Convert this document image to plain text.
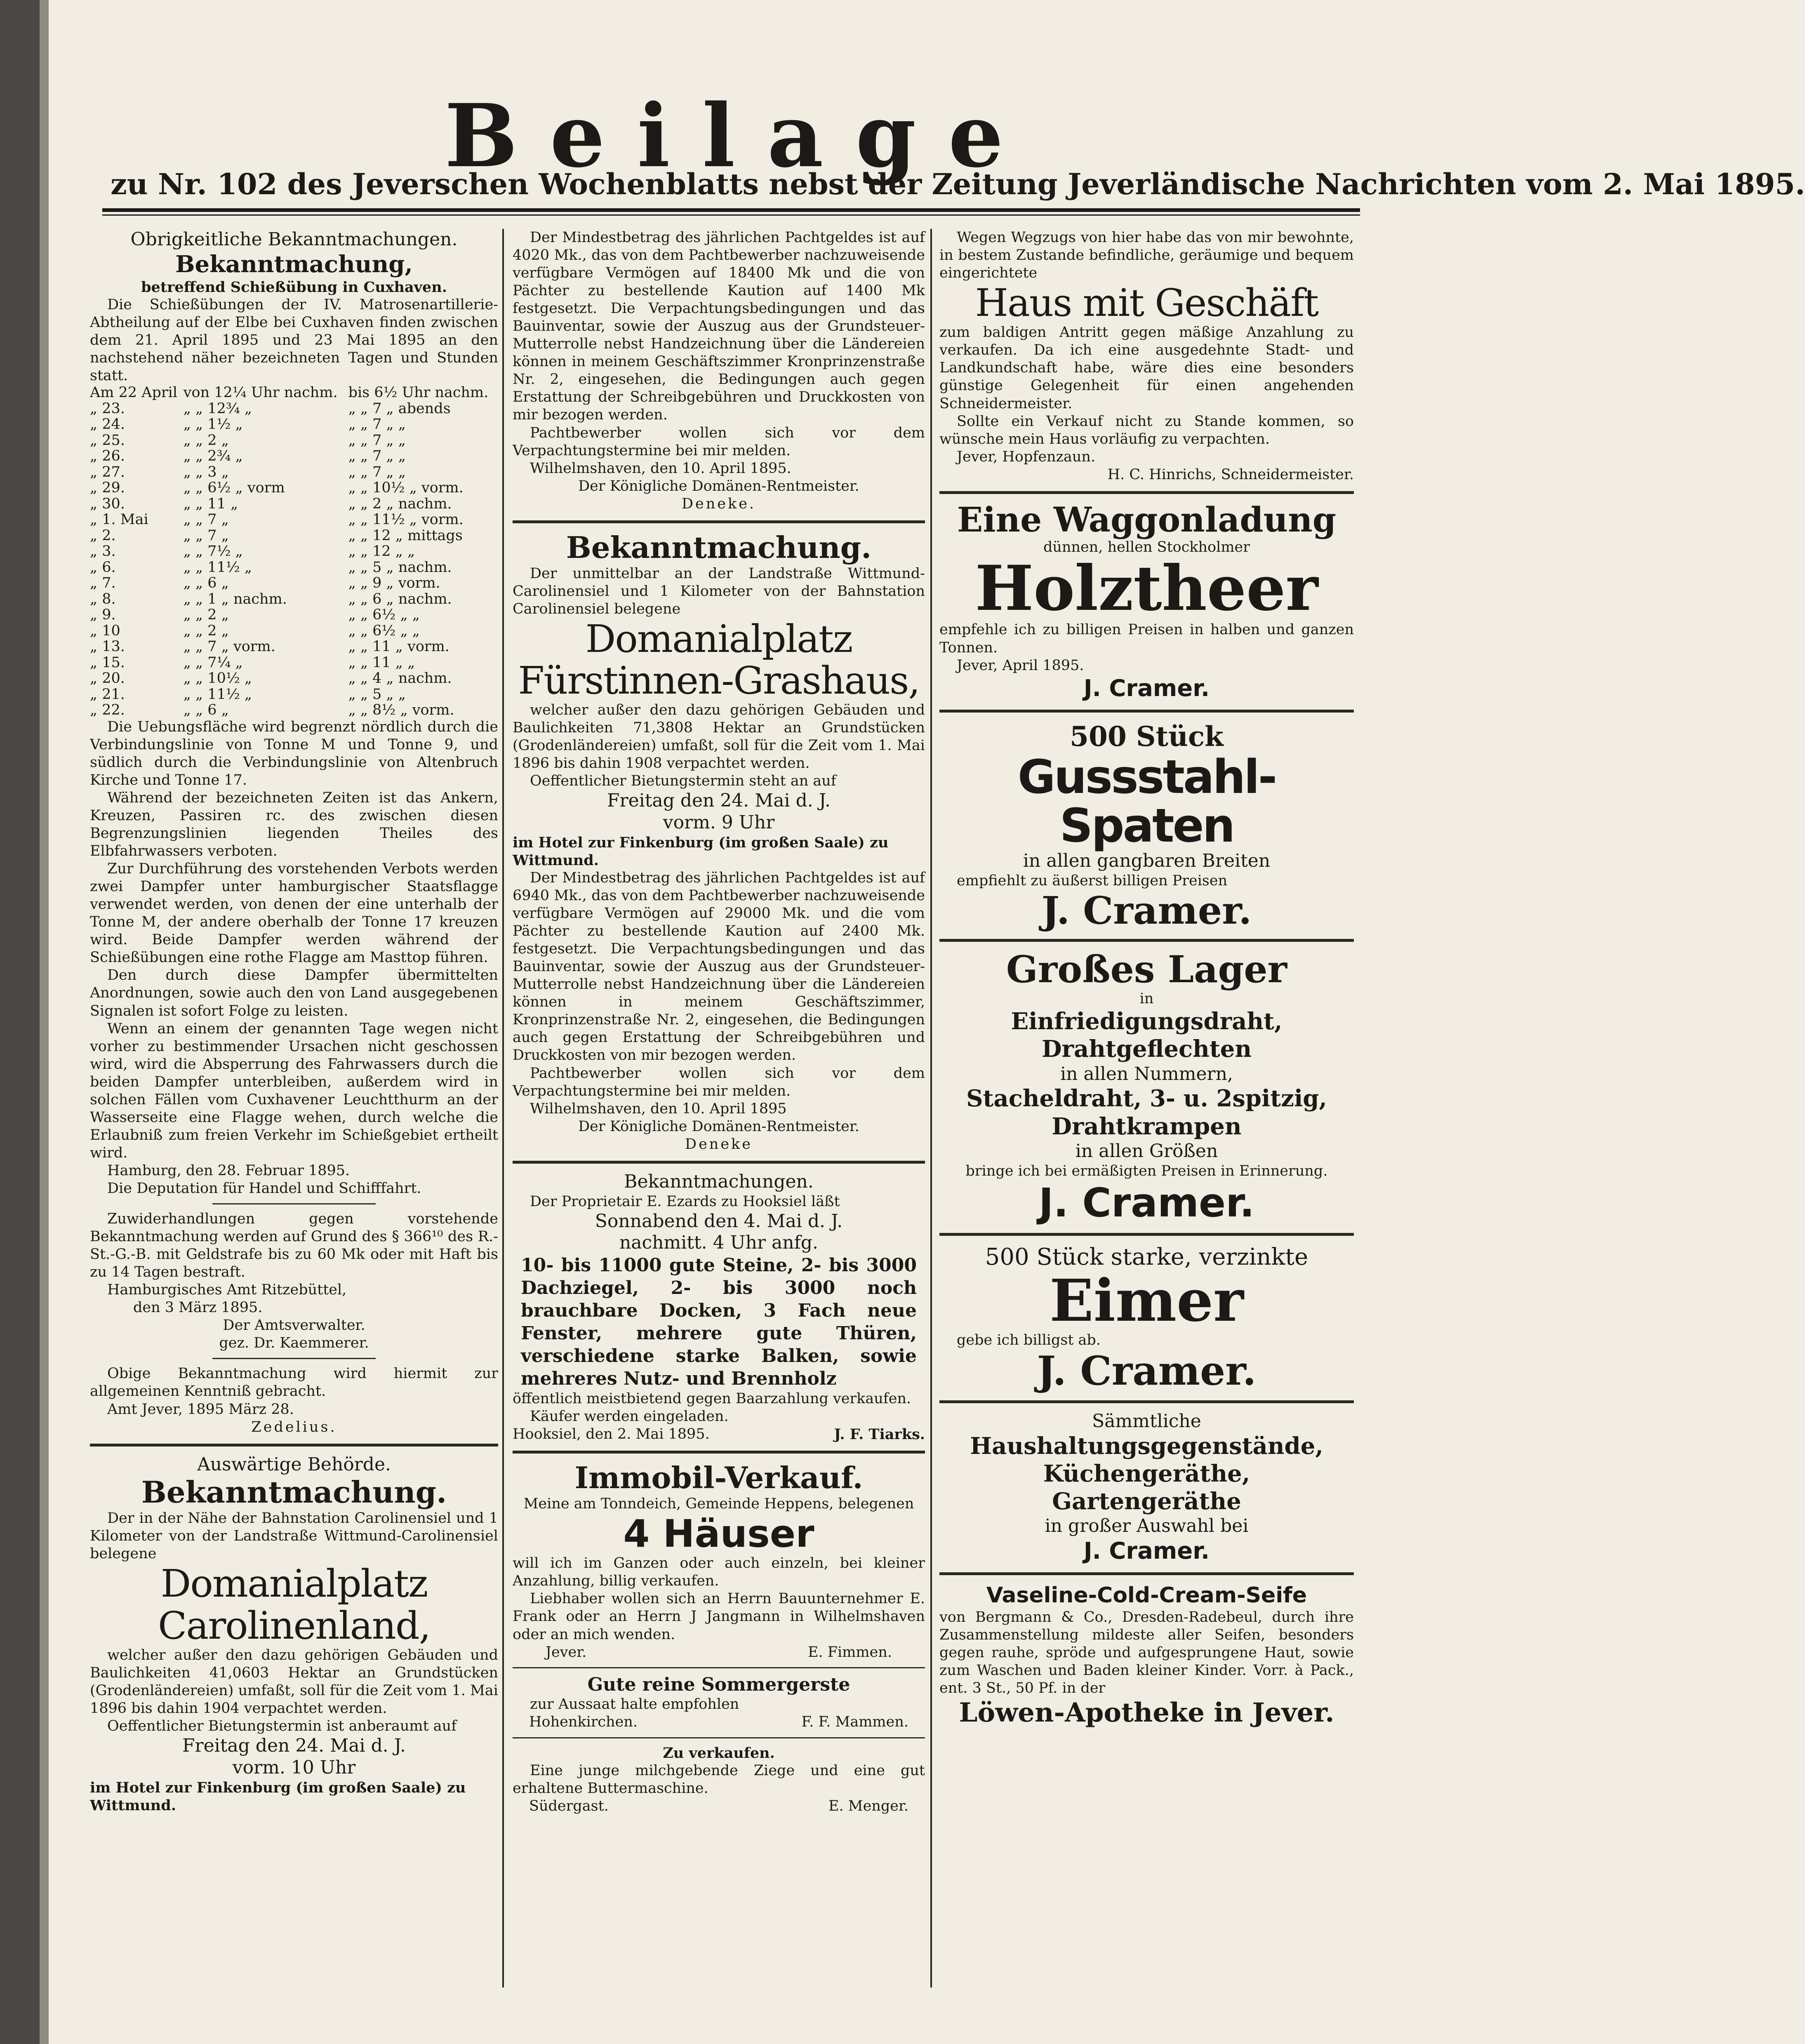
Beilage
zu Nr. 102 des Jeverschen Wochenblatts nebst der Zeitung Jeverländische Nachrichten vom 2. Mai 1895.

Obrigkeitliche Bekanntmachungen.

Bekanntmachung,

betreffend Schießübung in Cuxhaven.

Die Schießübungen der IV. Matrosenartillerie-Abtheilung auf der Elbe bei Cuxhaven finden zwischen dem 21. April 1895 und 23 Mai 1895 an den nachstehend näher bezeichneten Tagen und Stunden statt.

Am 22 April	von 12¼ Uhr nachm.	bis 6½ Uhr nachm.
„ 23.	„ „ 12¾ „	„ „ 7 „ abends
„ 24.	„ „ 1½ „	„ „ 7 „ „
„ 25.	„ „ 2 „	„ „ 7 „ „
„ 26.	„ „ 2¾ „	„ „ 7 „ „
„ 27.	„ „ 3 „	„ „ 7 „ „
„ 29.	„ „ 6½ „ vorm	„ „ 10½ „ vorm.
„ 30.	„ „ 11 „	„ „ 2 „ nachm.
„ 1. Mai	„ „ 7 „	„ „ 11½ „ vorm.
„ 2.	„ „ 7 „	„ „ 12 „ mittags
„ 3.	„ „ 7½ „	„ „ 12 „ „
„ 6.	„ „ 11½ „	„ „ 5 „ nachm.
„ 7.	„ „ 6 „	„ „ 9 „ vorm.
„ 8.	„ „ 1 „ nachm.	„ „ 6 „ nachm.
„ 9.	„ „ 2 „	„ „ 6½ „ „
„ 10	„ „ 2 „	„ „ 6½ „ „
„ 13.	„ „ 7 „ vorm.	„ „ 11 „ vorm.
„ 15.	„ „ 7¼ „	„ „ 11 „ „
„ 20.	„ „ 10½ „	„ „ 4 „ nachm.
„ 21.	„ „ 11½ „	„ „ 5 „ „
„ 22.	„ „ 6 „	„ „ 8½ „ vorm.

Die Uebungsfläche wird begrenzt nördlich durch die Verbindungslinie von Tonne M und Tonne 9, und südlich durch die Verbindungslinie von Altenbruch Kirche und Tonne 17.

Während der bezeichneten Zeiten ist das Ankern, Kreuzen, Passiren rc. des zwischen diesen Begrenzungslinien liegenden Theiles des Elbfahrwassers verboten.

Zur Durchführung des vorstehenden Verbots werden zwei Dampfer unter hamburgischer Staatsflagge verwendet werden, von denen der eine unterhalb der Tonne M, der andere oberhalb der Tonne 17 kreuzen wird. Beide Dampfer werden während der Schießübungen eine rothe Flagge am Masttop führen.

Den durch diese Dampfer übermittelten Anordnungen, sowie auch den von Land ausgegebenen Signalen ist sofort Folge zu leisten.

Wenn an einem der genannten Tage wegen nicht vorher zu bestimmender Ursachen nicht geschossen wird, wird die Absperrung des Fahrwassers durch die beiden Dampfer unterbleiben, außerdem wird in solchen Fällen vom Cuxhavener Leuchtthurm an der Wasserseite eine Flagge wehen, durch welche die Erlaubniß zum freien Verkehr im Schießgebiet ertheilt wird.

Hamburg, den 28. Februar 1895.

Die Deputation für Handel und Schifffahrt.

Zuwiderhandlungen gegen vorstehende Bekanntmachung werden auf Grund des § 366¹⁰ des R.-St.-G.-B. mit Geldstrafe bis zu 60 Mk oder mit Haft bis zu 14 Tagen bestraft.

Hamburgisches Amt Ritzebüttel,

den 3 März 1895.

Der Amtsverwalter.

gez. Dr. Kaemmerer.

Obige Bekanntmachung wird hiermit zur allgemeinen Kenntniß gebracht.

Amt Jever, 1895 März 28.

Zedelius.

Auswärtige Behörde.

Bekanntmachung.

Der in der Nähe der Bahnstation Carolinensiel und 1 Kilometer von der Landstraße Wittmund-Carolinensiel belegene

Domanialplatz

Carolinenland,

welcher außer den dazu gehörigen Gebäuden und Baulichkeiten 41,0603 Hektar an Grundstücken (Grodenländereien) umfaßt, soll für die Zeit vom 1. Mai 1896 bis dahin 1904 verpachtet werden.

Oeffentlicher Bietungstermin ist anberaumt auf

Freitag den 24. Mai d. J.

vorm. 10 Uhr

im Hotel zur Finkenburg (im großen Saale) zu Wittmund.

Der Mindestbetrag des jährlichen Pachtgeldes ist auf 4020 Mk., das von dem Pachtbewerber nachzuweisende verfügbare Vermögen auf 18400 Mk und die von Pächter zu bestellende Kaution auf 1400 Mk festgesetzt. Die Verpachtungsbedingungen und das Bauinventar, sowie der Auszug aus der Grundsteuer-Mutterrolle nebst Handzeichnung über die Ländereien können in meinem Geschäftszimmer Kronprinzenstraße Nr. 2, eingesehen, die Bedingungen auch gegen Erstattung der Schreibgebühren und Druckkosten von mir bezogen werden.

Pachtbewerber wollen sich vor dem Verpachtungstermine bei mir melden.

Wilhelmshaven, den 10. April 1895.

Der Königliche Domänen-Rentmeister.

Deneke.

Bekanntmachung.

Der unmittelbar an der Landstraße Wittmund-Carolinensiel und 1 Kilometer von der Bahnstation Carolinensiel belegene

Domanialplatz

Fürstinnen-Grashaus,

welcher außer den dazu gehörigen Gebäuden und Baulichkeiten 71,3808 Hektar an Grundstücken (Grodenländereien) umfaßt, soll für die Zeit vom 1. Mai 1896 bis dahin 1908 verpachtet werden.

Oeffentlicher Bietungstermin steht an auf

Freitag den 24. Mai d. J.

vorm. 9 Uhr

im Hotel zur Finkenburg (im großen Saale) zu Wittmund.

Der Mindestbetrag des jährlichen Pachtgeldes ist auf 6940 Mk., das von dem Pachtbewerber nachzuweisende verfügbare Vermögen auf 29000 Mk. und die vom Pächter zu bestellende Kaution auf 2400 Mk. festgesetzt. Die Verpachtungsbedingungen und das Bauinventar, sowie der Auszug aus der Grundsteuer-Mutterrolle nebst Handzeichnung über die Ländereien können in meinem Geschäftszimmer, Kronprinzenstraße Nr. 2, eingesehen, die Bedingungen auch gegen Erstattung der Schreibgebühren und Druckkosten von mir bezogen werden.

Pachtbewerber wollen sich vor dem Verpachtungstermine bei mir melden.

Wilhelmshaven, den 10. April 1895

Der Königliche Domänen-Rentmeister.

Deneke

Bekanntmachungen.

Der Proprietair E. Ezards zu Hooksiel läßt

Sonnabend den 4. Mai d. J.

nachmitt. 4 Uhr anfg.

10- bis 11000 gute Steine, 2- bis 3000 Dachziegel, 2- bis 3000 noch brauchbare Docken, 3 Fach neue Fenster, mehrere gute Thüren, verschiedene starke Balken, sowie mehreres Nutz- und Brennholz

öffentlich meistbietend gegen Baarzahlung verkaufen.

Käufer werden eingeladen.

Hooksiel, den 2. Mai 1895.	J. F. Tiarks.

Immobil-Verkauf.

Meine am Tonndeich, Gemeinde Heppens, belegenen

4 Häuser

will ich im Ganzen oder auch einzeln, bei kleiner Anzahlung, billig verkaufen.

Liebhaber wollen sich an Herrn Bauunternehmer E. Frank oder an Herrn J Jangmann in Wilhelmshaven oder an mich wenden.

Jever.	E. Fimmen.

Gute reine Sommergerste

zur Aussaat halte empfohlen

Hohenkirchen.	F. F. Mammen.

Zu verkaufen.

Eine junge milchgebende Ziege und eine gut erhaltene Buttermaschine.

Südergast.	E. Menger.

Wegen Wegzugs von hier habe das von mir bewohnte, in bestem Zustande befindliche, geräumige und bequem eingerichtete

Haus mit Geschäft

zum baldigen Antritt gegen mäßige Anzahlung zu verkaufen. Da ich eine ausgedehnte Stadt- und Landkundschaft habe, wäre dies eine besonders günstige Gelegenheit für einen angehenden Schneidermeister.

Sollte ein Verkauf nicht zu Stande kommen, so wünsche mein Haus vorläufig zu verpachten.

Jever, Hopfenzaun.

H. C. Hinrichs, Schneidermeister.

Eine Waggonladung

dünnen, hellen Stockholmer

Holztheer

empfehle ich zu billigen Preisen in halben und ganzen Tonnen.

Jever, April 1895.

J. Cramer.

500 Stück

Gussstahl-Spaten

in allen gangbaren Breiten

empfiehlt zu äußerst billigen Preisen

J. Cramer.

Großes Lager

in

Einfriedigungsdraht,

Drahtgeflechten

in allen Nummern,

Stacheldraht, 3- u. 2spitzig,

Drahtkrampen

in allen Größen

bringe ich bei ermäßigten Preisen in Erinnerung.

J. Cramer.

500 Stück starke, verzinkte

Eimer

gebe ich billigst ab.

J. Cramer.

Sämmtliche

Haushaltungsgegenstände,

Küchengeräthe,

Gartengeräthe

in großer Auswahl bei

J. Cramer.

Vaseline-Cold-Cream-Seife

von Bergmann & Co., Dresden-Radebeul, durch ihre Zusammenstellung mildeste aller Seifen, besonders gegen rauhe, spröde und aufgesprungene Haut, sowie zum Waschen und Baden kleiner Kinder. Vorr. à Pack., ent. 3 St., 50 Pf. in der

Löwen-Apotheke in Jever.
